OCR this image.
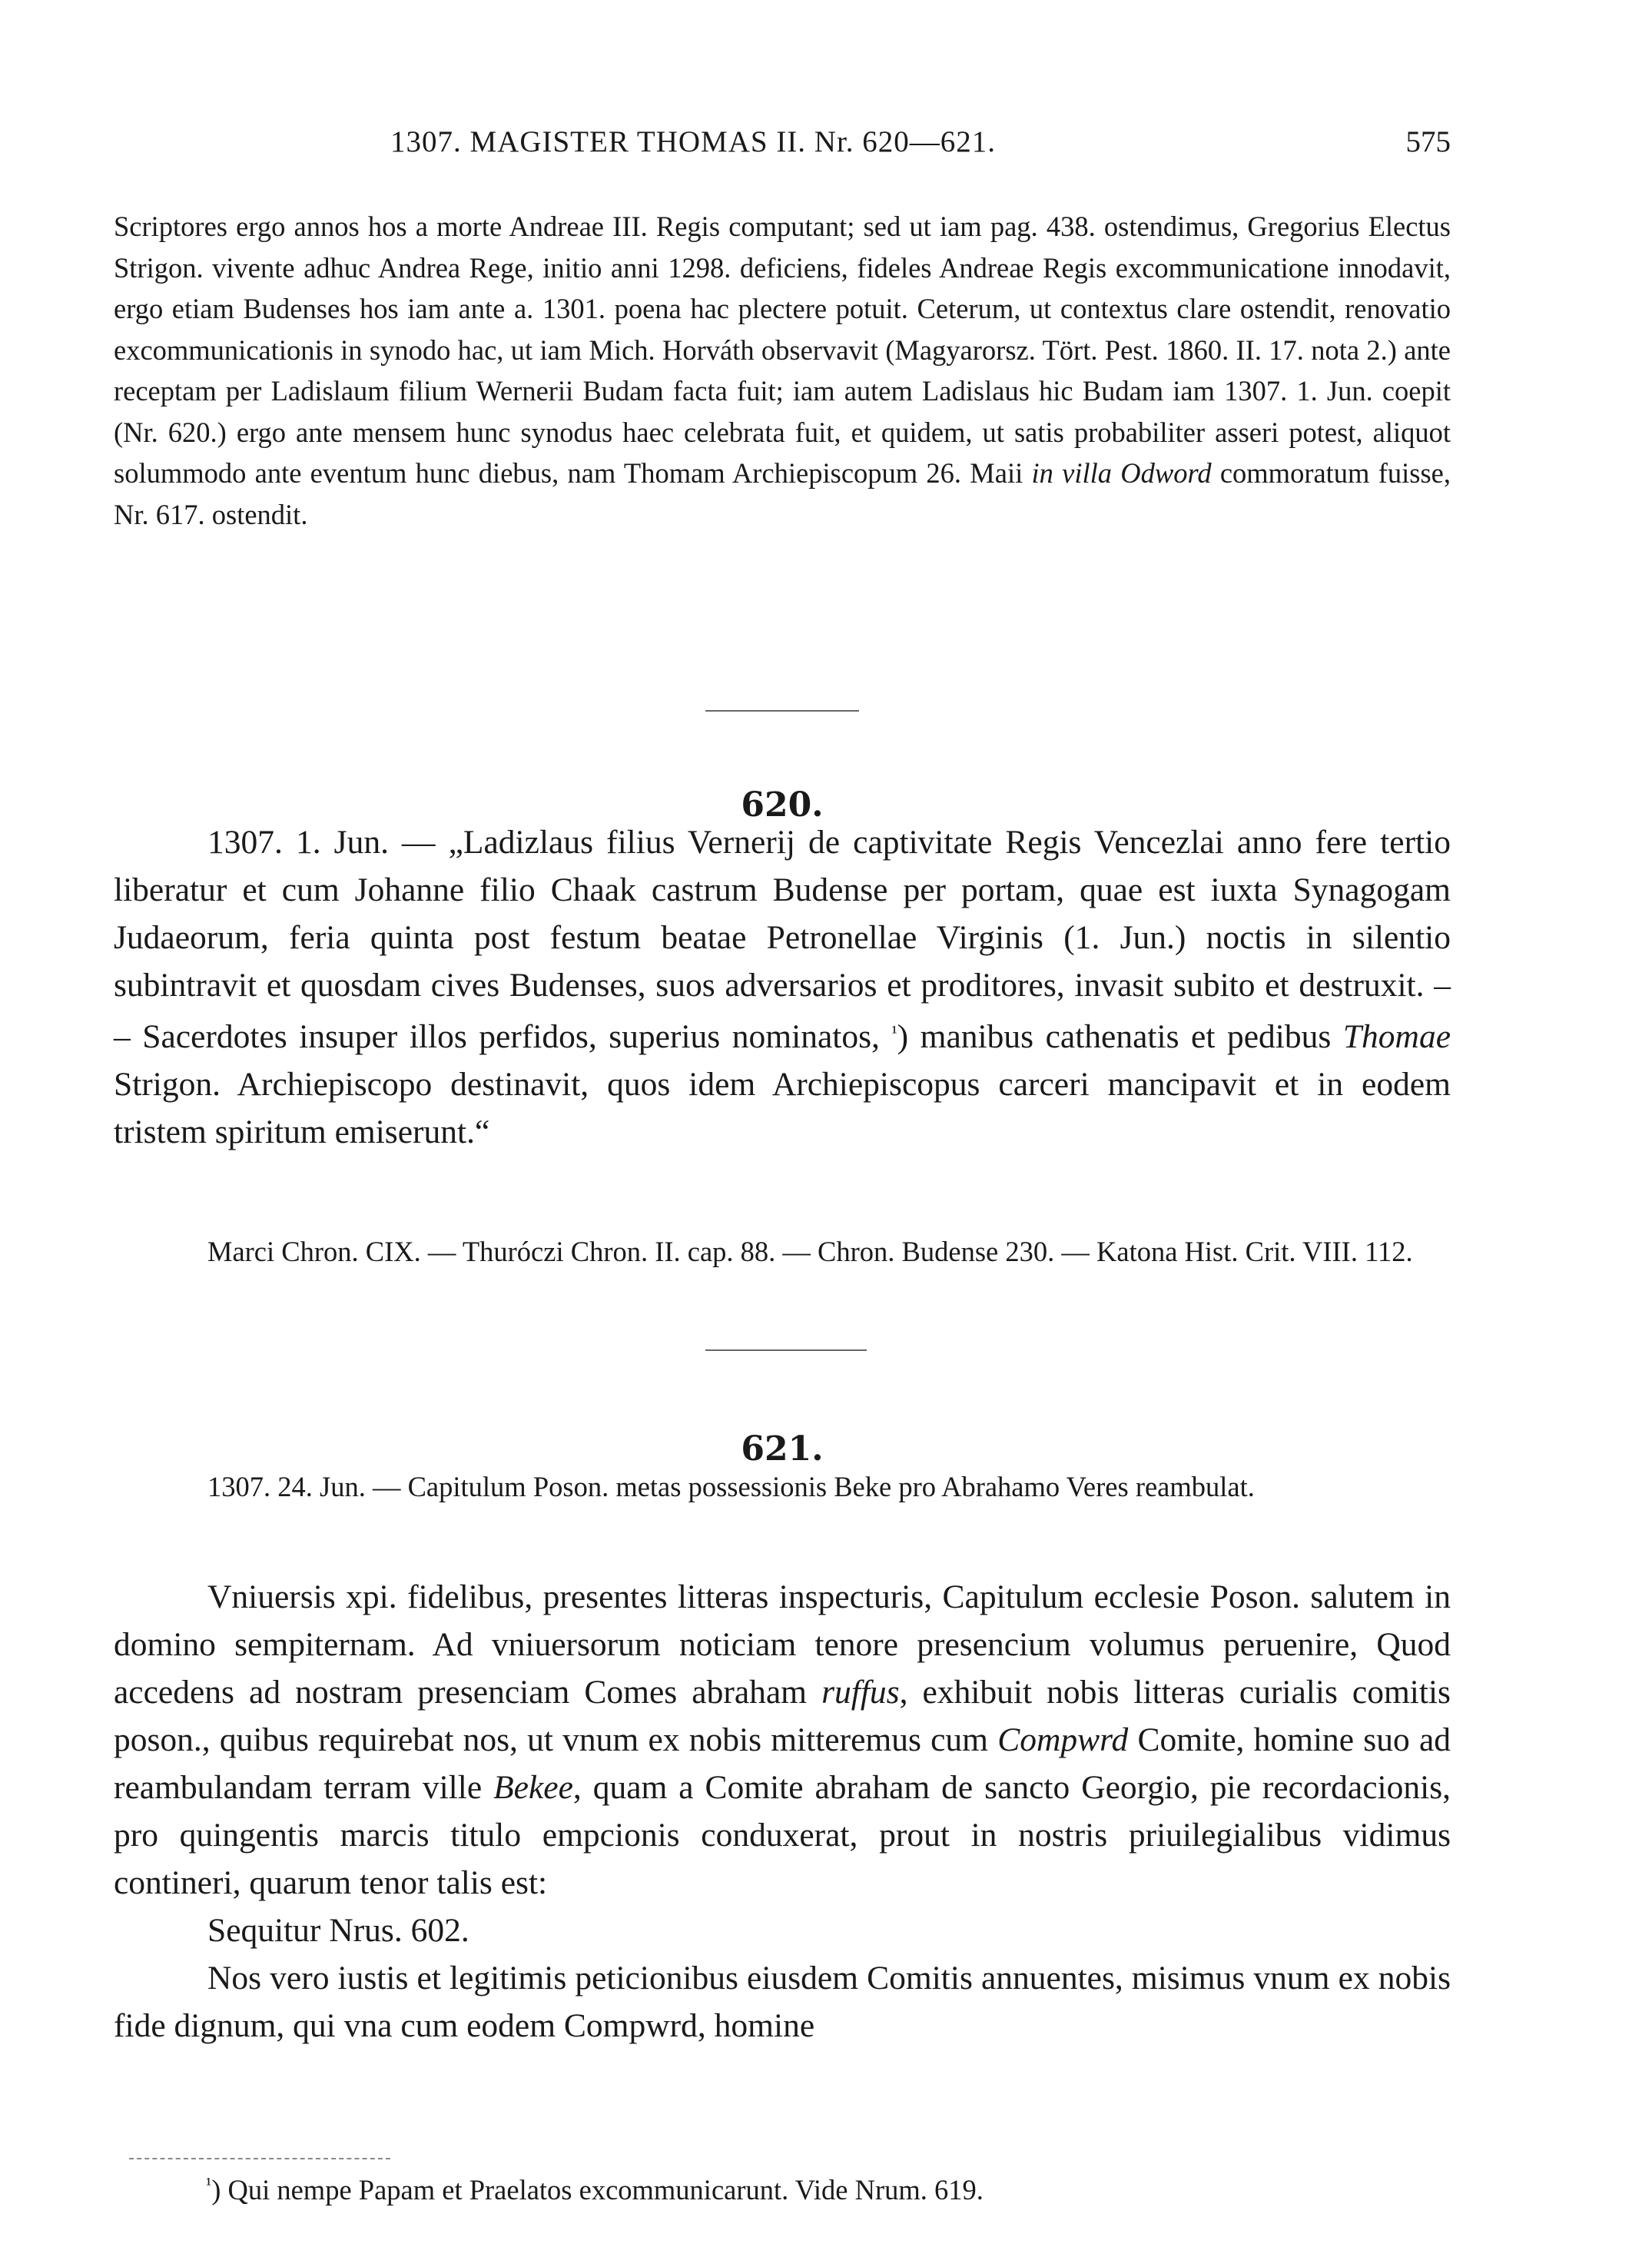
1307. MAGISTER THOMAS II. Nr. 620—621.	575

Scriptores ergo annos hos a morte Andreae III. Regis computant; sed ut iam pag. 438. ostendimus, Gregorius Electus Strigon. vivente adhuc Andrea Rege, initio anni 1298. deficiens, fideles Andreae Regis excommunicatione innodavit, ergo etiam Budenses hos iam ante a. 1301. poena hac plectere potuit. Ceterum, ut contextus clare ostendit, renovatio excommunicationis in synodo hac, ut iam Mich. Horváth observavit (Magyarorsz. Tört. Pest. 1860. II. 17. nota 2.) ante receptam per Ladislaum filium Wernerii Budam facta fuit; iam autem Ladislaus hic Budam iam 1307. 1. Jun. coepit (Nr. 620.) ergo ante mensem hunc synodus haec celebrata fuit, et quidem, ut satis probabiliter asseri potest, aliquot solummodo ante eventum hunc diebus, nam Thomam Archiepiscopum 26. Maii in villa Odword commoratum fuisse, Nr. 617. ostendit.

620.

1307. 1. Jun. — „Ladizlaus filius Vernerij de captivitate Regis Vencezlai anno fere tertio liberatur et cum Johanne filio Chaak castrum Budense per portam, quae est iuxta Synagogam Judaeorum, feria quinta post festum beatae Petronellae Virginis (1. Jun.) noctis in silentio subintravit et quosdam cives Budenses, suos adversarios et proditores, invasit subito et destruxit. – – Sacerdotes insuper illos perfidos, superius nominatos, $^{^1}$) manibus cathenatis et pedibus Thomae Strigon. Archiepiscopo destinavit, quos idem Archiepiscopus carceri mancipavit et in eodem tristem spiritum emiserunt.“

Marci Chron. CIX. — Thuróczi Chron. II. cap. 88. — Chron. Budense 230. — Katona Hist. Crit. VIII. 112.

621.

1307. 24. Jun. — Capitulum Poson. metas possessionis Beke pro Abrahamo Veres reambulat.

Vniuersis xpi. fidelibus, presentes litteras inspecturis, Capitulum ecclesie Poson. salutem in domino sempiternam. Ad vniuersorum noticiam tenore presencium volumus peruenire, Quod accedens ad nostram presenciam Comes abraham ruffus, exhibuit nobis litteras curialis comitis poson., quibus requirebat nos, ut vnum ex nobis mitteremus cum Compwrd Comite, homine suo ad reambulandam terram ville Bekee, quam a Comite abraham de sancto Georgio, pie recordacionis, pro quingentis marcis titulo empcionis conduxerat, prout in nostris priuilegialibus vidimus contineri, quarum tenor talis est:

Sequitur Nrus. 602.

Nos vero iustis et legitimis peticionibus eiusdem Comitis annuentes, misimus vnum ex nobis fide dignum, qui vna cum eodem Compwrd, homine

$^{^1}$) Qui nempe Papam et Praelatos excommunicarunt. Vide Nrum. 619.
